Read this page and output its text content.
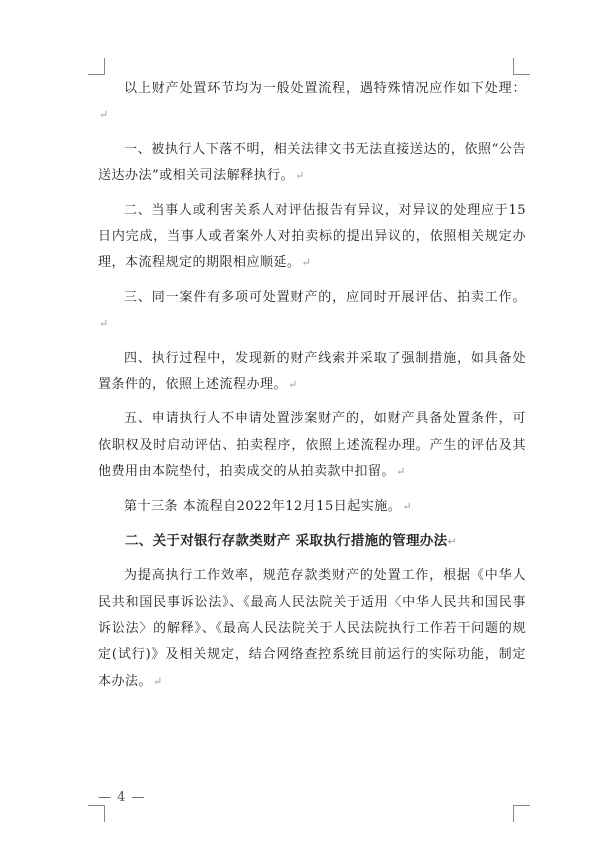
以上财产处置环节均为一般处置流程，遇特殊情况应作如下处理：↵

一、被执行人下落不明，相关法律文书无法直接送达的，依照“公告送达办法”或相关司法解释执行。↵

二、当事人或利害关系人对评估报告有异议，对异议的处理应于15日内完成，当事人或者案外人对拍卖标的提出异议的，依照相关规定办理，本流程规定的期限相应顺延。↵

三、同一案件有多项可处置财产的，应同时开展评估、拍卖工作。↵

四、执行过程中，发现新的财产线索并采取了强制措施，如具备处置条件的，依照上述流程办理。↵

五、申请执行人不申请处置涉案财产的，如财产具备处置条件，可依职权及时启动评估、拍卖程序，依照上述流程办理。产生的评估及其他费用由本院垫付，拍卖成交的从拍卖款中扣留。↵

第十三条 本流程自2022年12月15日起实施。↵

二、关于对银行存款类财产 采取执行措施的管理办法↵

为提高执行工作效率，规范存款类财产的处置工作，根据《中华人民共和国民事诉讼法》、《最高人民法院关于适用〈中华人民共和国民事诉讼法〉的解释》、《最高人民法院关于人民法院执行工作若干问题的规定(试行)》及相关规定，结合网络查控系统目前运行的实际功能，制定本办法。↵

— 4 —
